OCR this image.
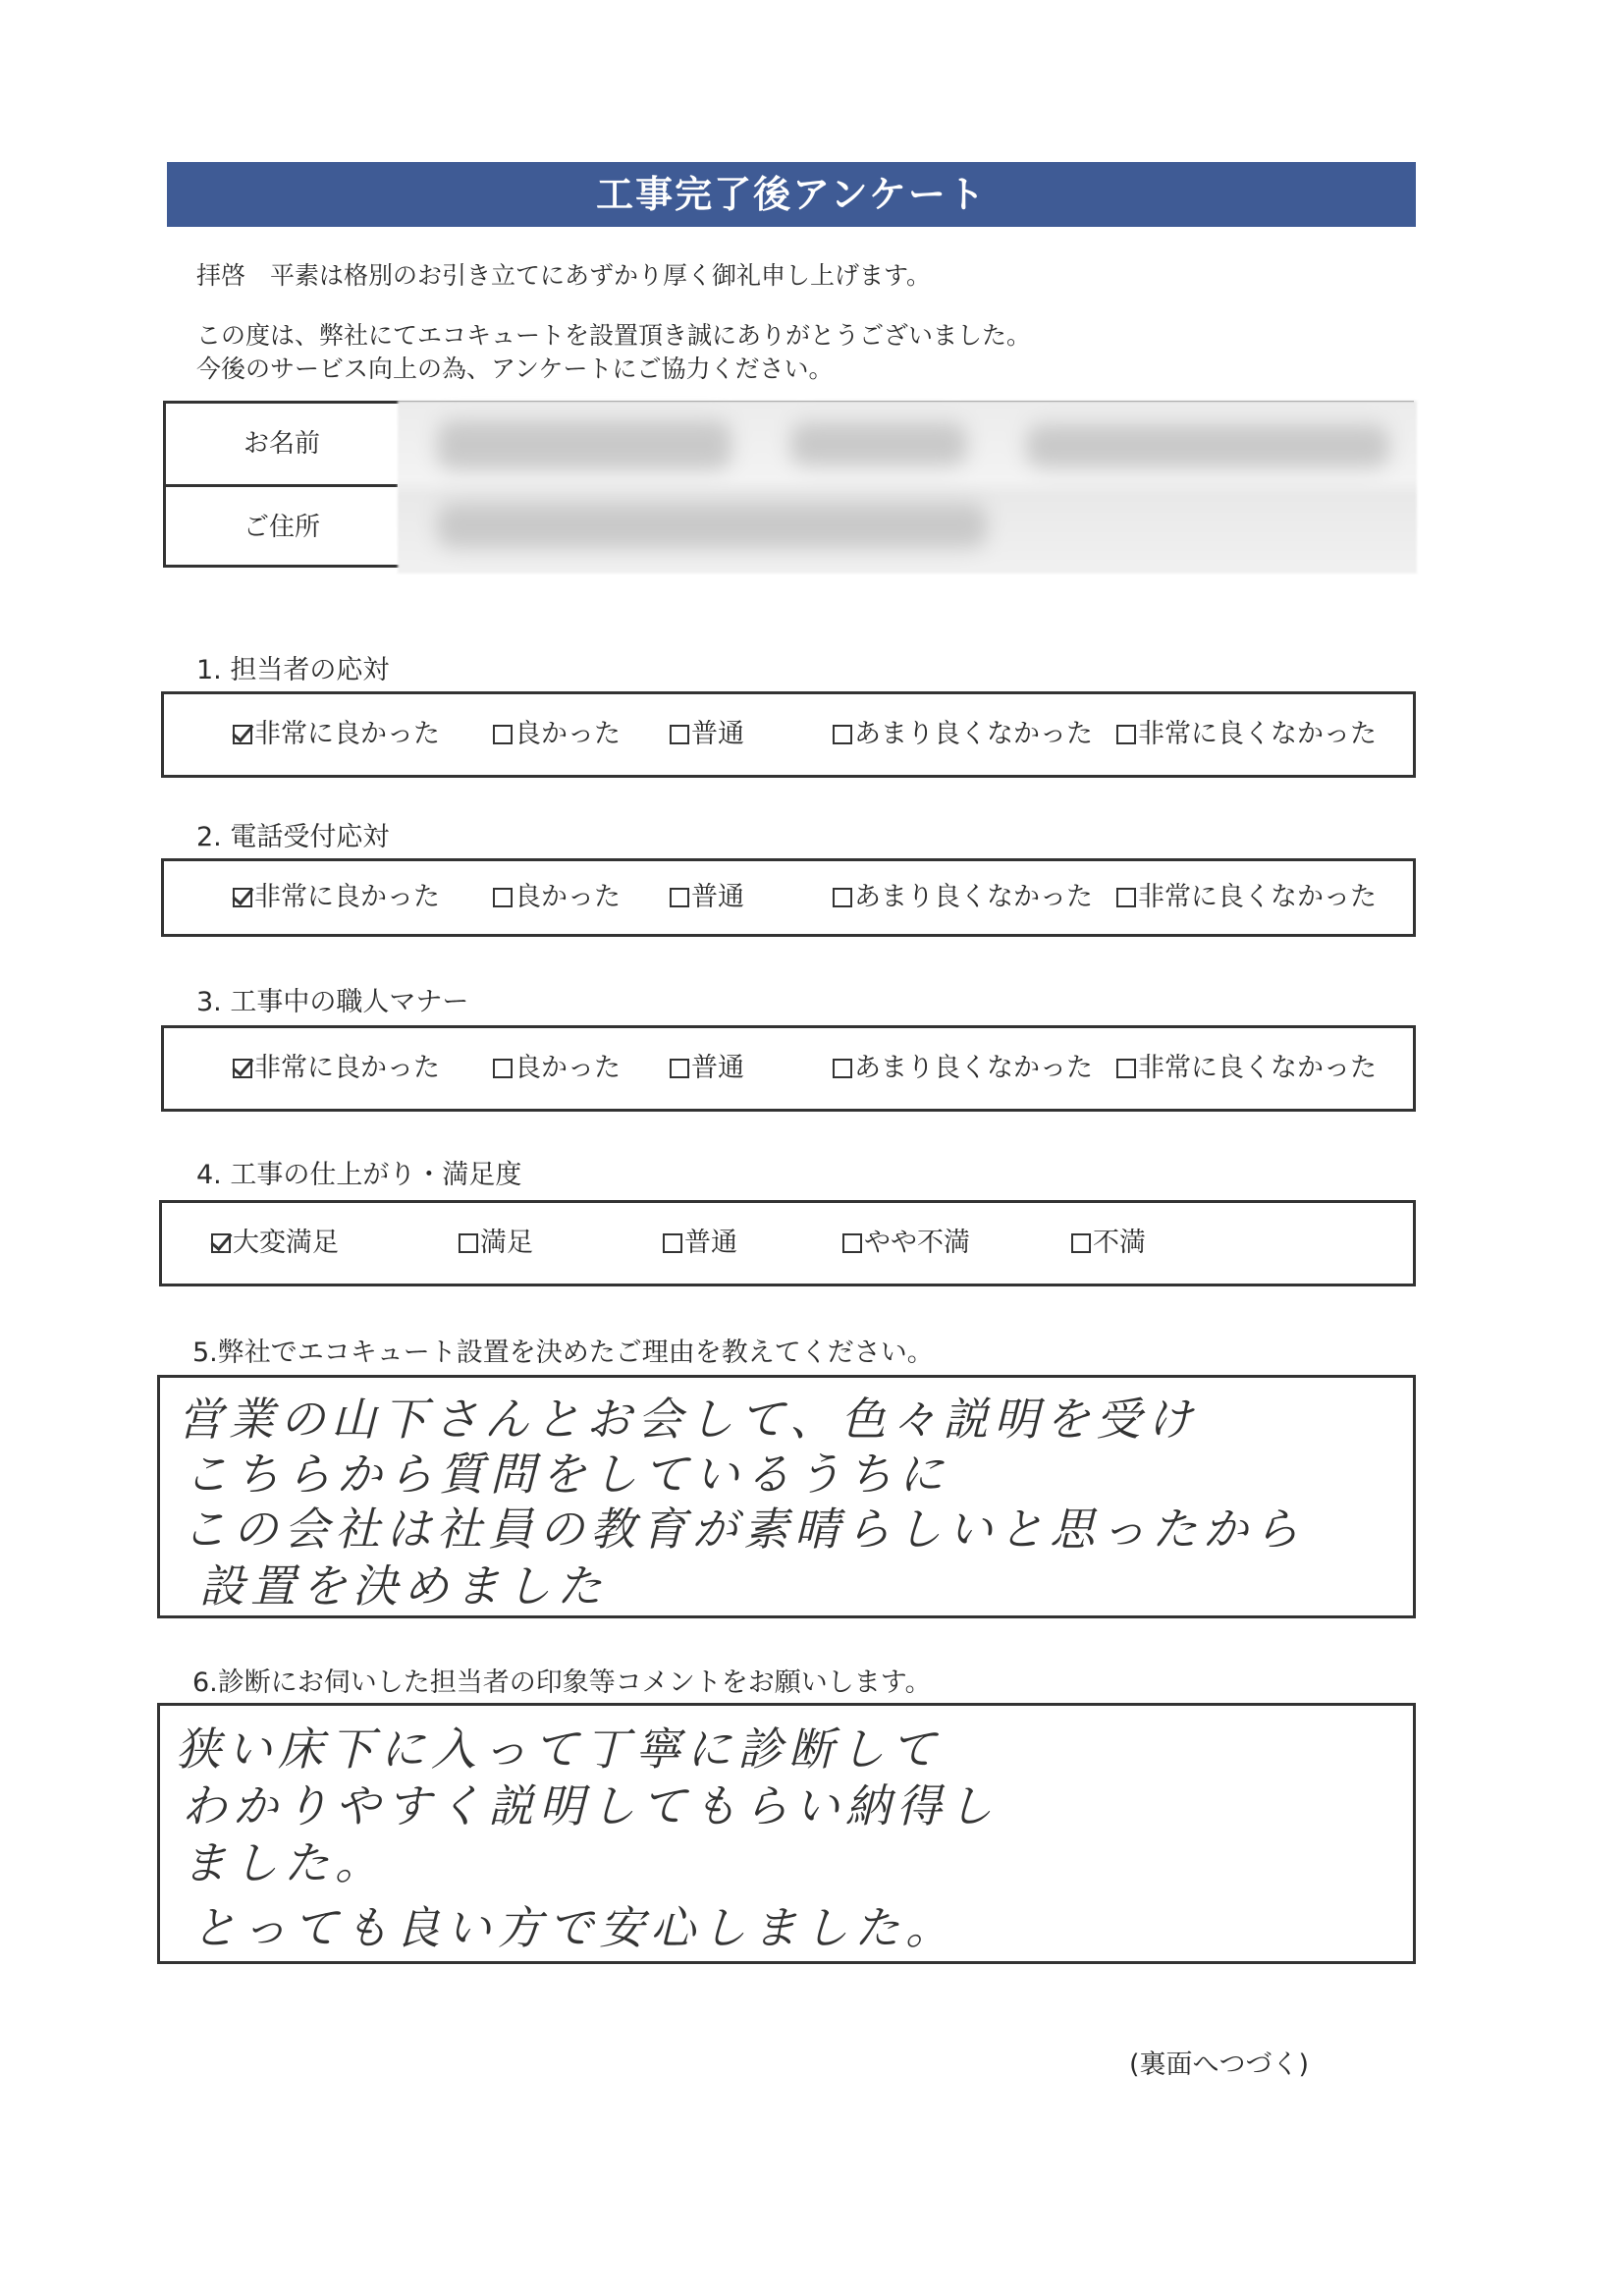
工事完了後アンケート
拝啓　平素は格別のお引き立てにあずかり厚く御礼申し上げます。
この度は、弊社にてエコキュートを設置頂き誠にありがとうございました。
今後のサービス向上の為、アンケートにご協力ください。
お名前
ご住所
1. 担当者の応対
非常に良かった	良かった	普通	あまり良くなかった	非常に良くなかった
2. 電話受付応対
非常に良かった	良かった	普通	あまり良くなかった	非常に良くなかった
3. 工事中の職人マナー
非常に良かった	良かった	普通	あまり良くなかった	非常に良くなかった
4. 工事の仕上がり・満足度
大変満足	満足	普通	やや不満	不満
5.弊社でエコキュート設置を決めたご理由を教えてください。
営業の山下さんとお会して、色々説明を受け
こちらから質問をしているうちに
この会社は社員の教育が素晴らしいと思ったから
設置を決めました
6.診断にお伺いした担当者の印象等コメントをお願いします。
狭い床下に入って丁寧に診断して
わかりやすく説明してもらい納得し
ました。
とっても良い方で安心しました。
(裏面へつづく)
